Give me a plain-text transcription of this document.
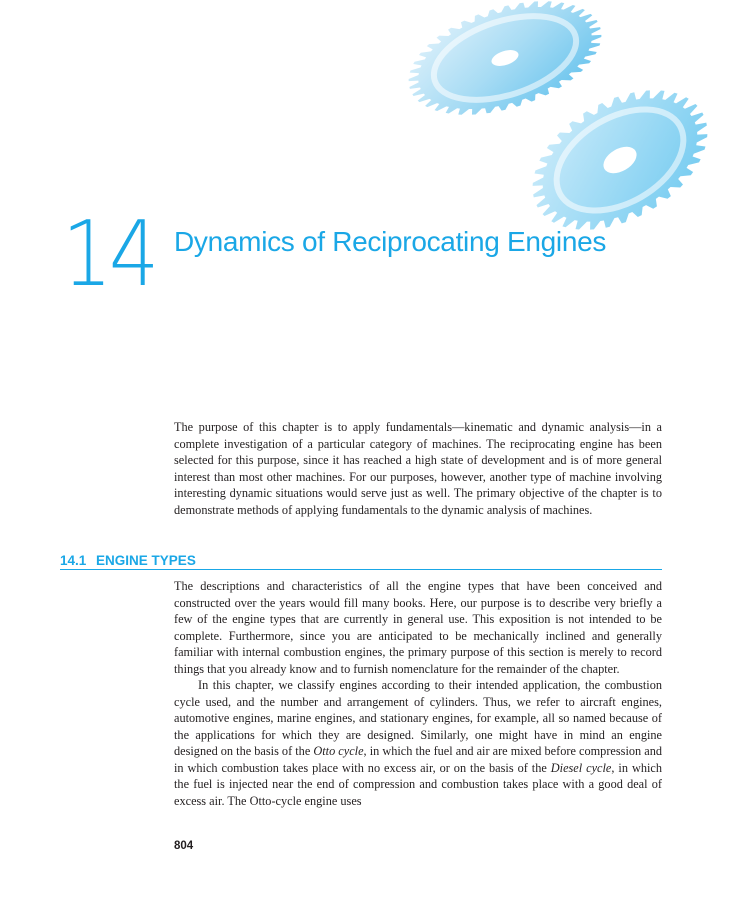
14 Dynamics of Reciprocating Engines

The purpose of this chapter is to apply fundamentals—kinematic and dynamic analysis—in a complete investigation of a particular category of machines. The reciprocating engine has been selected for this purpose, since it has reached a high state of development and is of more general interest than most other machines. For our purposes, however, another type of machine involving interesting dynamic situations would serve just as well. The primary objective of the chapter is to demonstrate methods of applying fundamentals to the dynamic analysis of machines.

14.1 ENGINE TYPES

The descriptions and characteristics of all the engine types that have been conceived and constructed over the years would fill many books. Here, our purpose is to describe very briefly a few of the engine types that are currently in general use. This exposition is not intended to be complete. Furthermore, since you are anticipated to be mechanically inclined and generally familiar with internal combustion engines, the primary purpose of this section is merely to record things that you already know and to furnish nomenclature for the remainder of the chapter.

In this chapter, we classify engines according to their intended application, the combustion cycle used, and the number and arrangement of cylinders. Thus, we refer to aircraft engines, automotive engines, marine engines, and stationary engines, for example, all so named because of the applications for which they are designed. Similarly, one might have in mind an engine designed on the basis of the Otto cycle, in which the fuel and air are mixed before compression and in which combustion takes place with no excess air, or on the basis of the Diesel cycle, in which the fuel is injected near the end of compression and combustion takes place with a good deal of excess air. The Otto-cycle engine uses

804
